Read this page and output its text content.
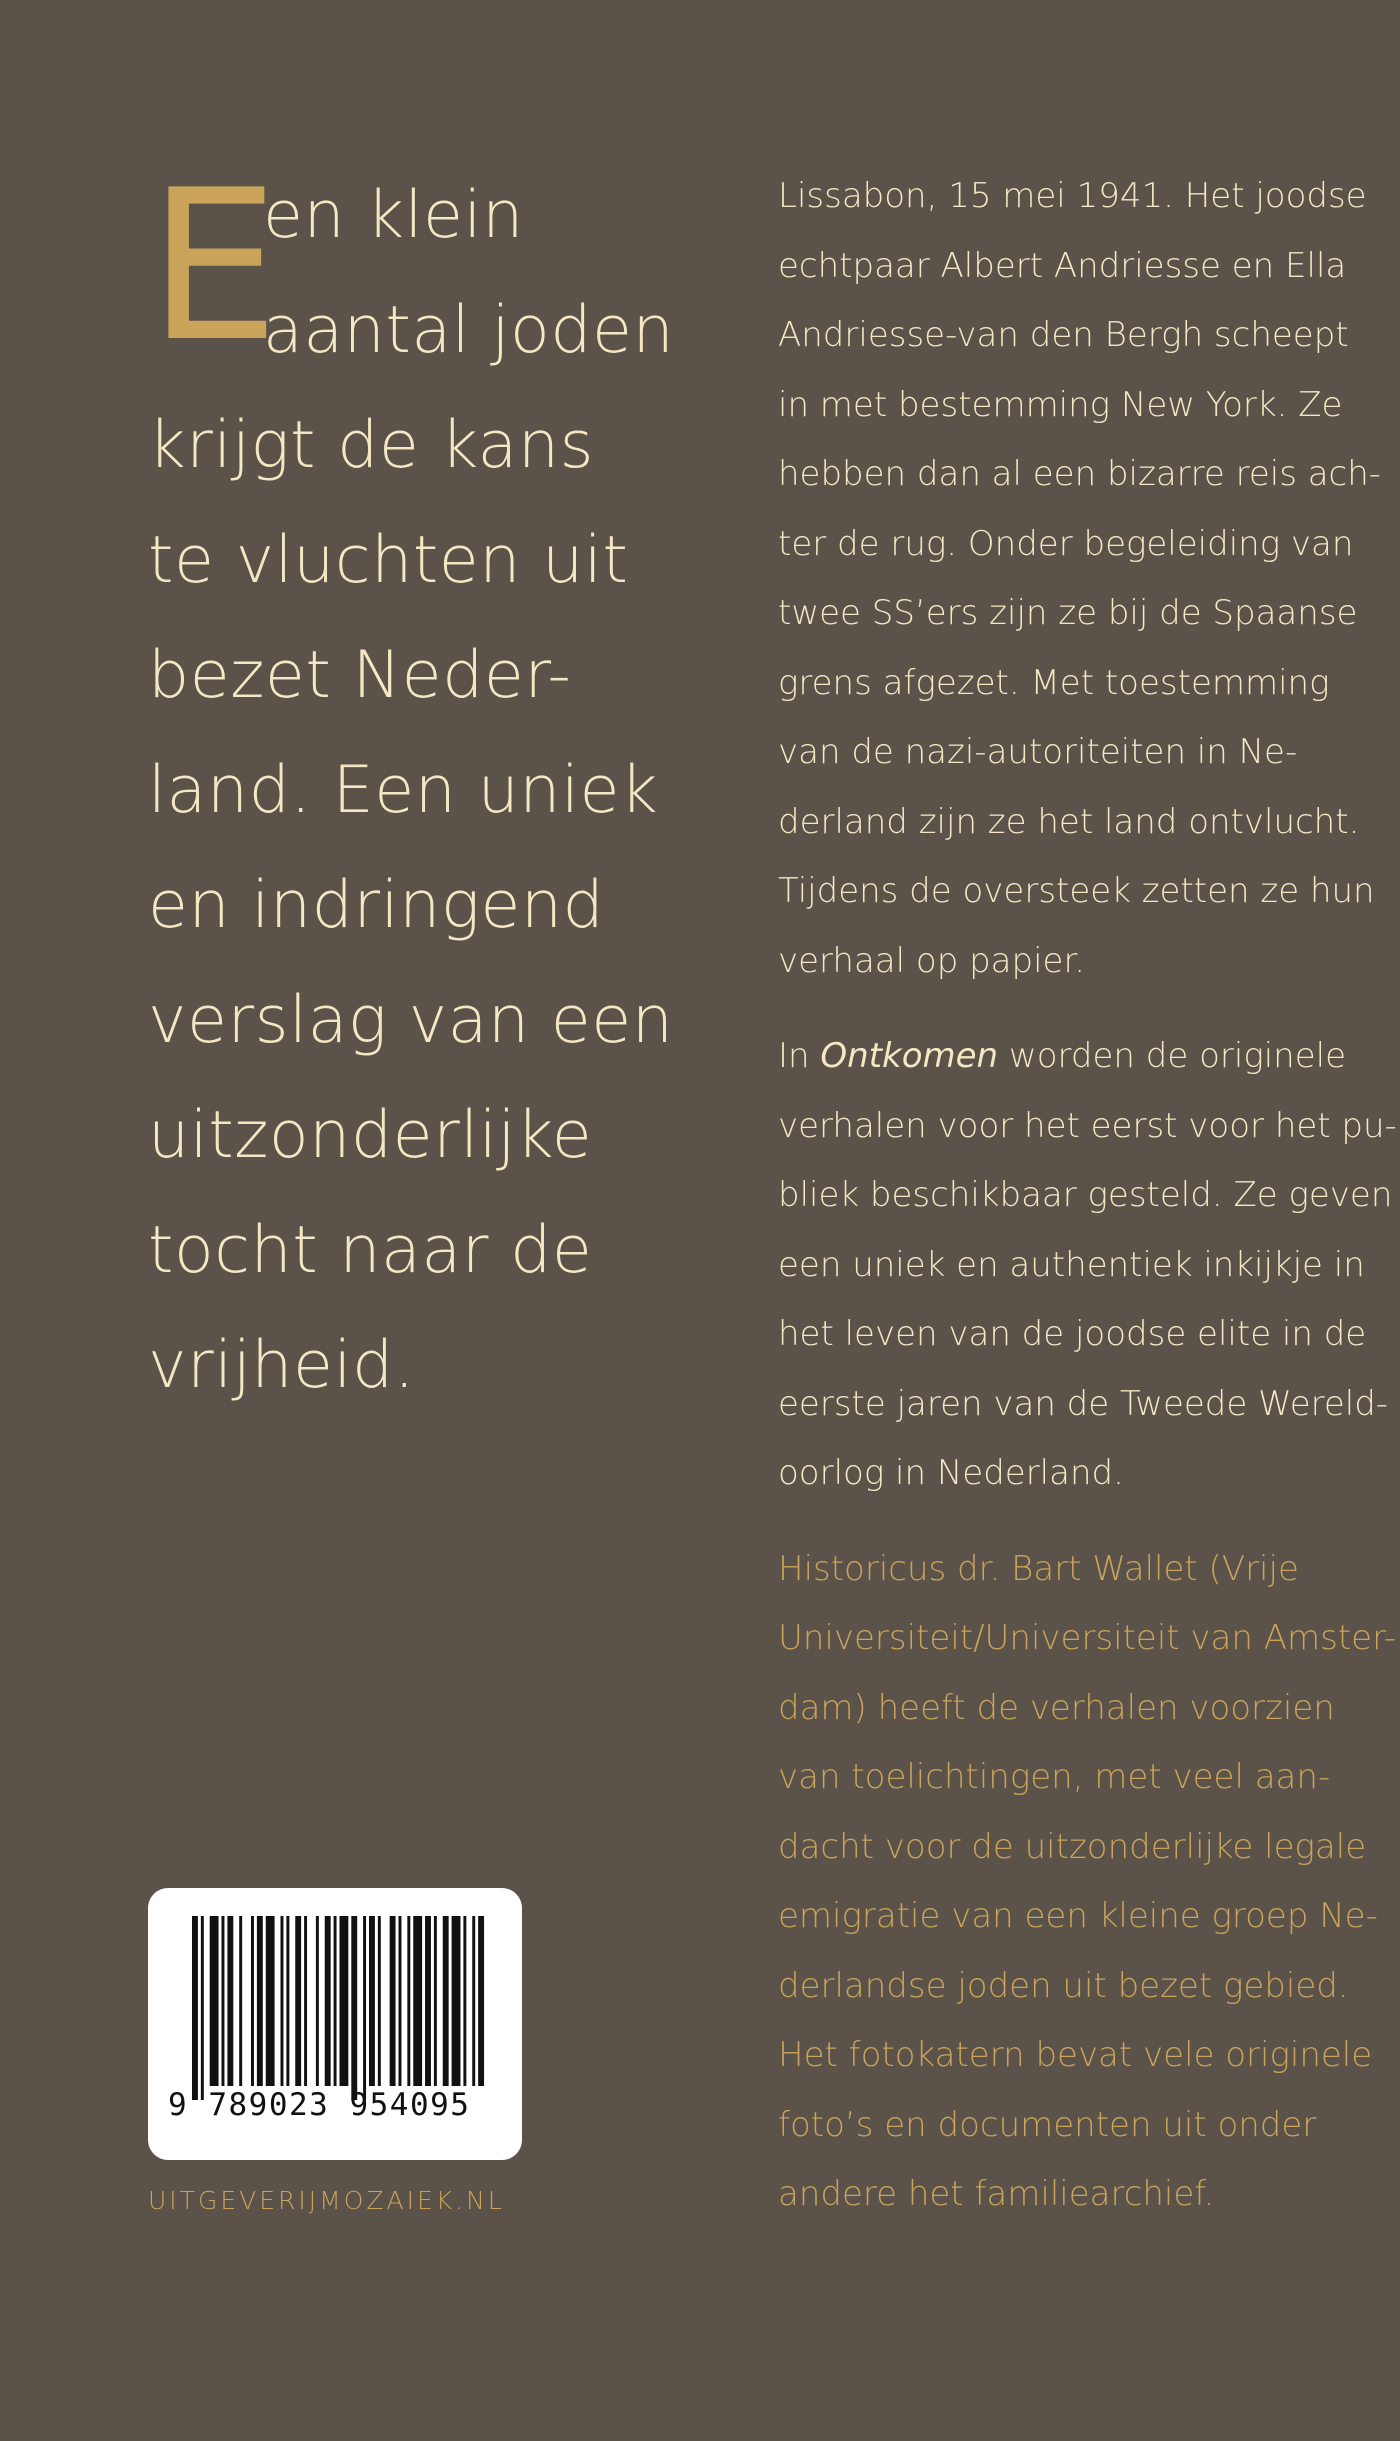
E
en klein
aantal joden
krijgt de kans
te vluchten uit
bezet Neder-
land. Een uniek
en indringend
verslag van een
uitzonderlijke
tocht naar de
vrijheid.
Lissabon, 15 mei 1941. Het joodse
echtpaar Albert Andriesse en Ella
Andriesse-van den Bergh scheept
in met bestemming New York. Ze
hebben dan al een bizarre reis ach-
ter de rug. Onder begeleiding van
twee SS’ers zijn ze bij de Spaanse
grens afgezet. Met toestemming
van de nazi-autoriteiten in Ne-
derland zijn ze het land ontvlucht.
Tijdens de oversteek zetten ze hun
verhaal op papier.
In Ontkomen worden de originele
verhalen voor het eerst voor het pu-
bliek beschikbaar gesteld. Ze geven
een uniek en authentiek inkijkje in
het leven van de joodse elite in de
eerste jaren van de Tweede Wereld-
oorlog in Nederland.
Historicus dr. Bart Wallet (Vrije
Universiteit/Universiteit van Amster-
dam) heeft de verhalen voorzien
van toelichtingen, met veel aan-
dacht voor de uitzonderlijke legale
emigratie van een kleine groep Ne-
derlandse joden uit bezet gebied.
Het fotokatern bevat vele originele
foto’s en documenten uit onder
andere het familiearchief.
9 789023 954095
UITGEVERIJMOZAIEK.NL
